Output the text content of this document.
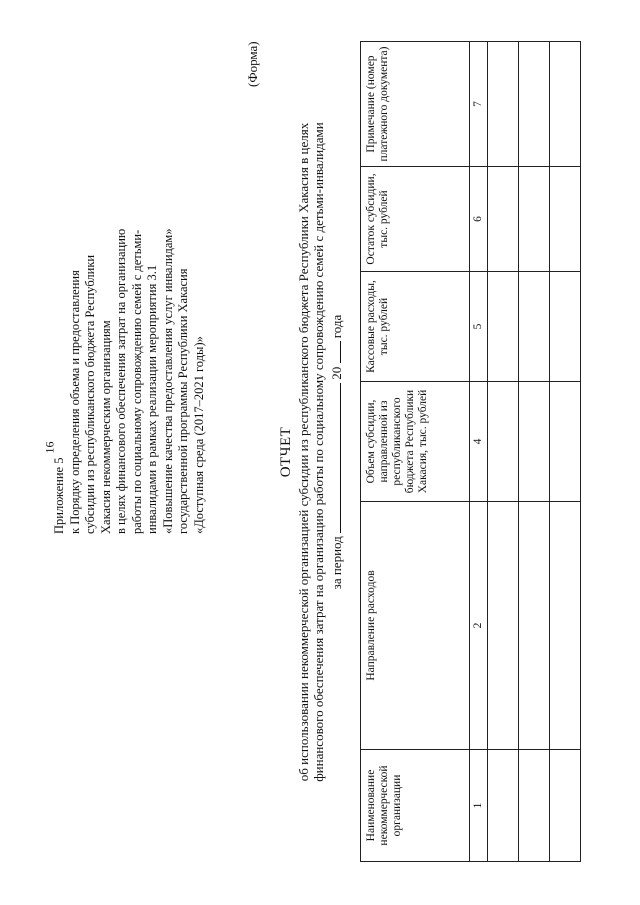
16
Приложение 5 к Порядку определения объема и предоставления субсидии из республиканского бюджета Республики Хакасия некоммерческим организациям в целях финансового обеспечения затрат на организацию работы по социальному сопровождению семей с детьми- инвалидами в рамках реализации мероприятия 3.1 «Повышение качества предоставления услуг инвалидам» государственной программы Республики Хакасия «Доступная среда (2017–2021 годы)»
(Форма)
ОТЧЕТ об использовании некоммерческой организацией субсидии из республиканского бюджета Республики Хакасия в целях финансового обеспечения затрат на организацию работы по социальному сопровождению семей с детьми-инвалидами за период  20  года
Наименование некоммерческой организации	Направление расходов	Объем субсидии, направленной из республиканского бюджета Республики Хакасия, тыс. рублей	Кассовые расходы, тыс. рублей	Остаток субсидии, тыс. рублей	Примечание (номер платежного документа)
1	2	4	5	6	7
